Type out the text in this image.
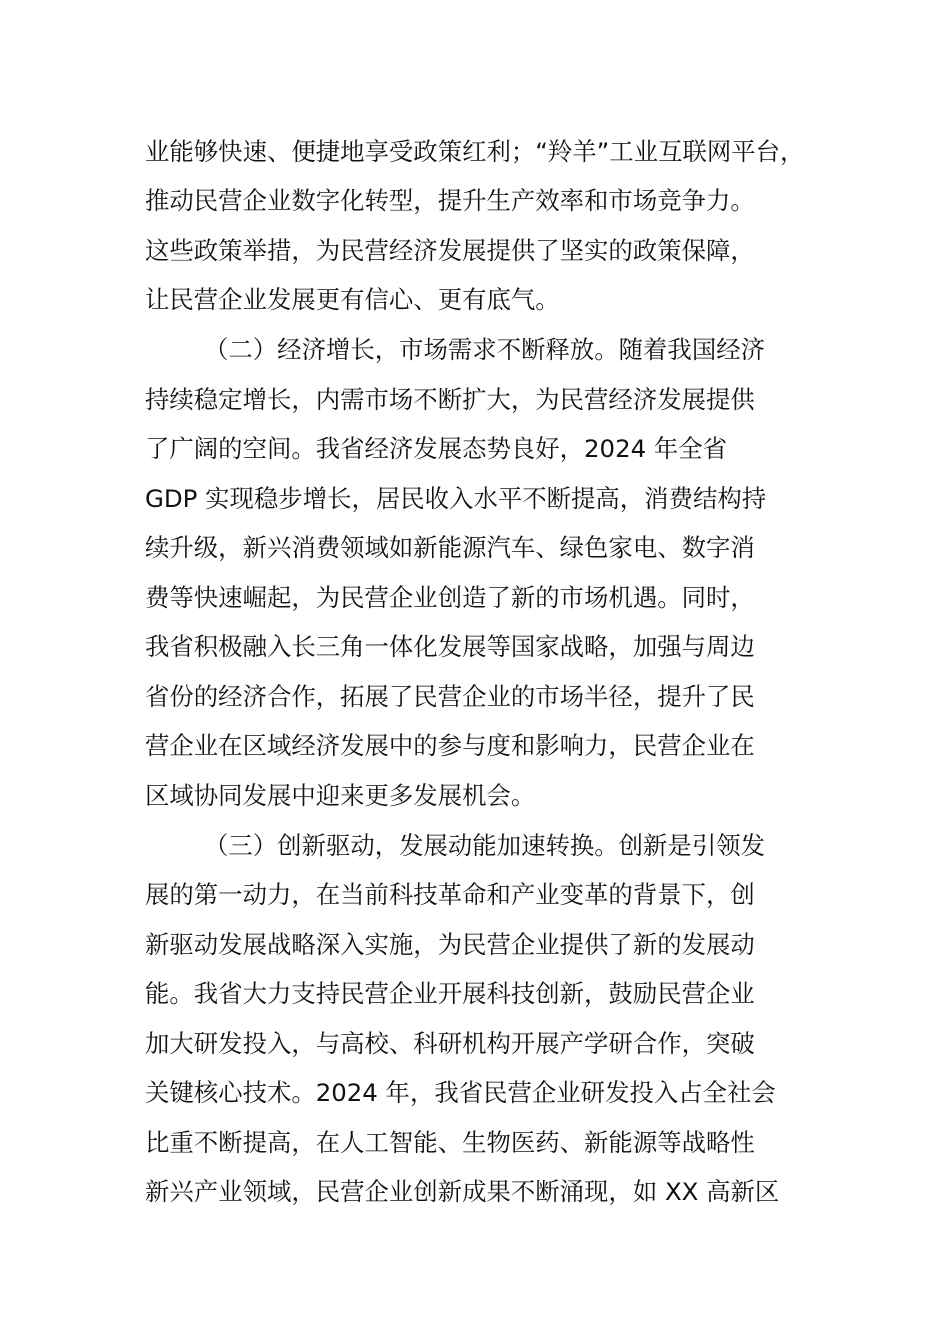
业能够快速、便捷地享受政策红利；“羚羊”工业互联网平台，
推动民营企业数字化转型，提升生产效率和市场竞争力。
这些政策举措，为民营经济发展提供了坚实的政策保障，
让民营企业发展更有信心、更有底气。
（二）经济增长，市场需求不断释放。随着我国经济
持续稳定增长，内需市场不断扩大，为民营经济发展提供
了广阔的空间。我省经济发展态势良好，2024 年全省
GDP 实现稳步增长，居民收入水平不断提高，消费结构持
续升级，新兴消费领域如新能源汽车、绿色家电、数字消
费等快速崛起，为民营企业创造了新的市场机遇。同时，
我省积极融入长三角一体化发展等国家战略，加强与周边
省份的经济合作，拓展了民营企业的市场半径，提升了民
营企业在区域经济发展中的参与度和影响力，民营企业在
区域协同发展中迎来更多发展机会。
（三）创新驱动，发展动能加速转换。创新是引领发
展的第一动力，在当前科技革命和产业变革的背景下，创
新驱动发展战略深入实施，为民营企业提供了新的发展动
能。我省大力支持民营企业开展科技创新，鼓励民营企业
加大研发投入，与高校、科研机构开展产学研合作，突破
关键核心技术。2024 年，我省民营企业研发投入占全社会
比重不断提高，在人工智能、生物医药、新能源等战略性
新兴产业领域，民营企业创新成果不断涌现，如 XX 高新区
